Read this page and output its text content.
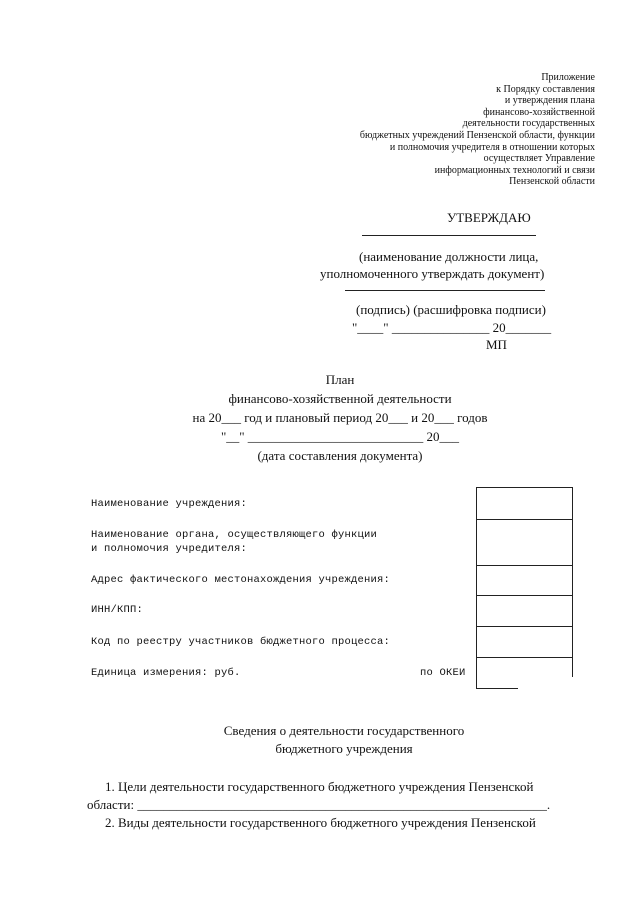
Приложение
к Порядку составления
и утверждения плана
финансово-хозяйственной
деятельности государственных
бюджетных учреждений Пензенской области, функции
и полномочия учредителя в отношении которых
осуществляет Управление
информационных технологий и связи
Пензенской области
УТВЕРЖДАЮ
(наименование должности лица,
уполномоченного утверждать документ)
(подпись) (расшифровка подписи)
"____" _______________ 20_______
МП
План
финансово-хозяйственной деятельности
на 20___ год и плановый период 20___ и 20___ годов
"__" ___________________________ 20___
(дата составления документа)
Наименование учреждения:
Наименование органа, осуществляющего функции
и полномочия учредителя:
Адрес фактического местонахождения учреждения:
ИНН/КПП:
Код по реестру участников бюджетного процесса:
Единица измерения: руб.	по ОКЕИ
Сведения о деятельности государственного
бюджетного учреждения
1. Цели деятельности государственного бюджетного учреждения Пензенской
области: _______________________________________________________________.
2. Виды деятельности государственного бюджетного учреждения Пензенской
